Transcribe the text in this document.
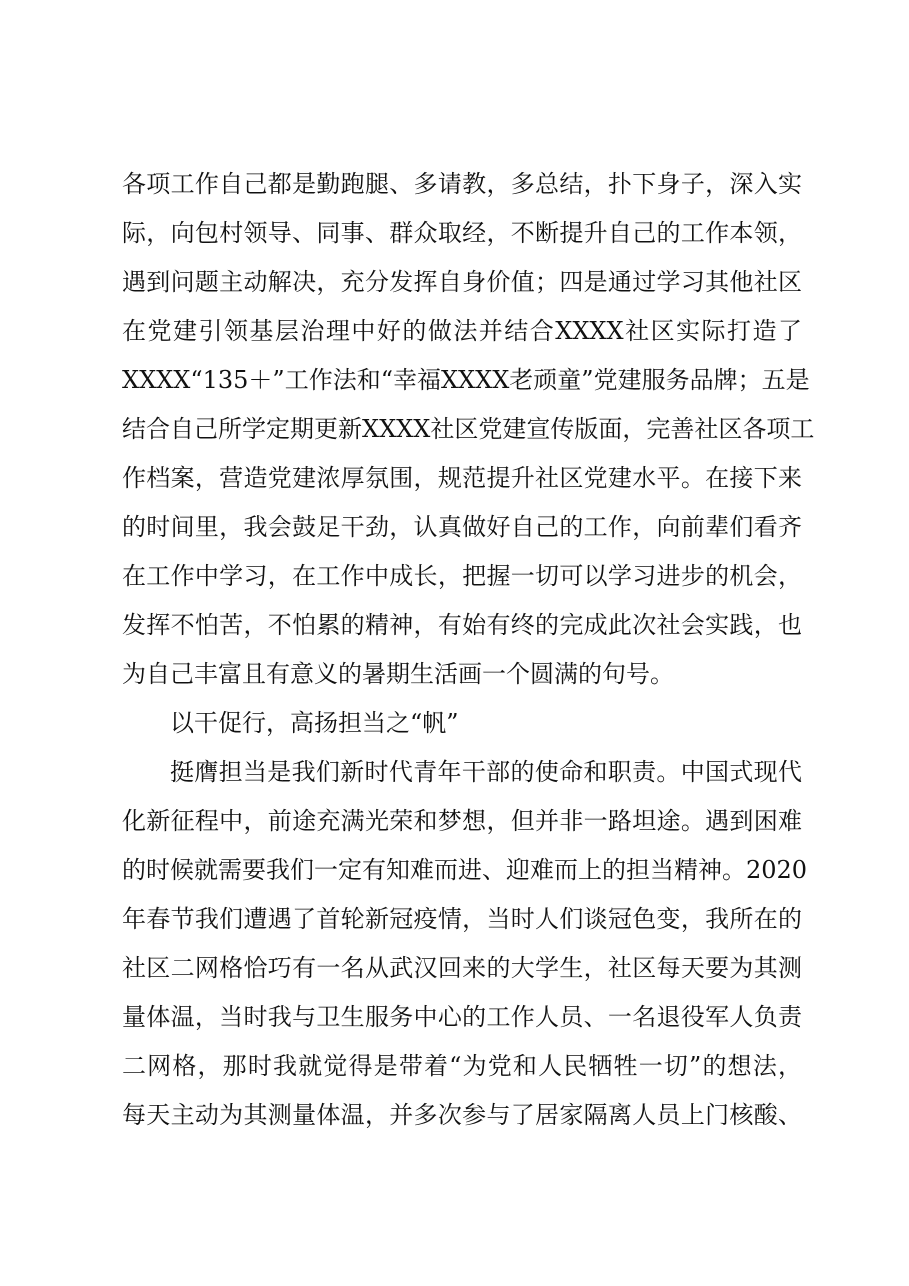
各项工作自己都是勤跑腿、多请教，多总结，扑下身子，深入实
际，向包村领导、同事、群众取经，不断提升自己的工作本领，
遇到问题主动解决，充分发挥自身价值；四是通过学习其他社区
在党建引领基层治理中好的做法并结合XXXX社区实际打造了
XXXX“135＋”工作法和“幸福XXXX老顽童”党建服务品牌；五是
结合自己所学定期更新XXXX社区党建宣传版面，完善社区各项工
作档案，营造党建浓厚氛围，规范提升社区党建水平。在接下来
的时间里，我会鼓足干劲，认真做好自己的工作，向前辈们看齐
在工作中学习，在工作中成长，把握一切可以学习进步的机会，
发挥不怕苦，不怕累的精神，有始有终的完成此次社会实践，也
为自己丰富且有意义的暑期生活画一个圆满的句号。
以干促行，高扬担当之“帆”
挺膺担当是我们新时代青年干部的使命和职责。中国式现代
化新征程中，前途充满光荣和梦想，但并非一路坦途。遇到困难
的时候就需要我们一定有知难而进、迎难而上的担当精神。2020
年春节我们遭遇了首轮新冠疫情，当时人们谈冠色变，我所在的
社区二网格恰巧有一名从武汉回来的大学生，社区每天要为其测
量体温，当时我与卫生服务中心的工作人员、一名退役军人负责
二网格，那时我就觉得是带着“为党和人民牺牲一切”的想法，
每天主动为其测量体温，并多次参与了居家隔离人员上门核酸、
